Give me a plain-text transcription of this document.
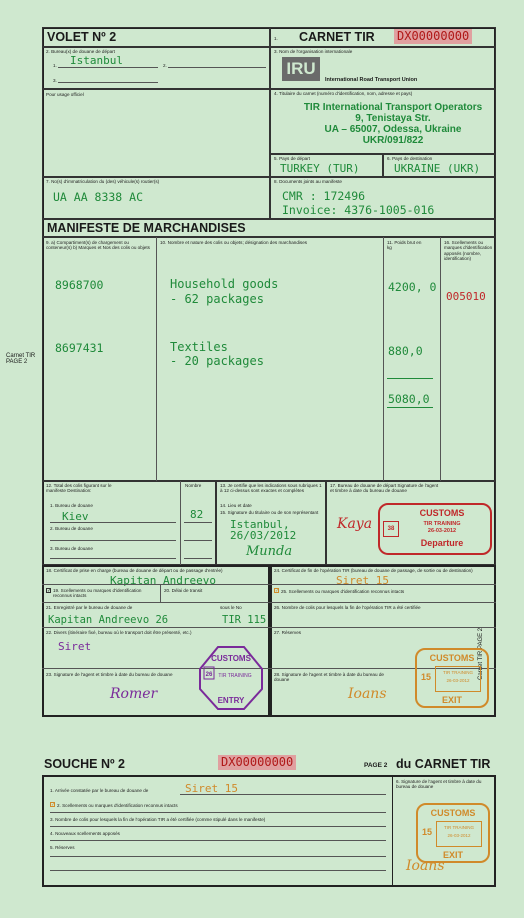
Carnet TIR
PAGE 2
Carnet TIR PAGE 2
VOLET Nº 2	1. CARNET TIR DX00000000
2. Bureau(x) de douane de départ
1.	2.
3.
Istanbul
3. Nom de l'organisation internationale
IRU
International Road Transport Union
Pour usage officiel	4. Titulaire du carnet (numéro d'identification, nom, adresse et pays)
TIR International Transport Operators
9, Tenistaya Str.
UA – 65007, Odessa, Ukraine
UKR/091/822
5. Pays de départ
TURKEY (TUR)
6. Pays de destination
UKRAINE (UKR)
7. No(s) d'immatriculation du (des) véhicule(s) routier(s)
UA AA 8338 AC
8. Documents joints au manifeste
CMR : 172496
Invoice: 4376-1005-016
MANIFESTE DE MARCHANDISES
9. a) Compartiment(s) de chargement ou conteneur(s) b) Marques et Nos des colis ou objets
10. Nombre et nature des colis ou objets; désignation des marchandises	11. Poids brut en kg
16. Scellements ou marques d'identification apposés (nombre, identification)
8968700	Household goods
- 62 packages
4200, 0
8697431	Textiles
- 20 packages
880,0
5080,0
005010
12. Total des colis figurant sur le manifeste Destination:
Nombre
1. Bureau de douane
Kiev	82
2. Bureau de douane
3. Bureau de douane
13. Je certifie que les indications sous rubriques 1 à 12 ci-dessus sont exactes et complètes
14. Lieu et date
15. Signature du titulaire ou de son représentant
Istanbul,
26/03/2012
Munda
17. Bureau de douane de départ Signature de l'agent et timbre à date du bureau de douane
Kaya	38
CUSTOMS
TIR TRAINING
26-03-2012
Departure
18. Certificat de prise en charge (bureau de douane de départ ou de passage d'entrée)
Kapitan Andreevo
✓ 19. Scellements ou marques d'identification reconnus intacts
20. Délai de transit
21. Enregistré par le bureau de douane de
Kapitan Andreevo 26
sous le No
TIR 115
22. Divers (itinéraire fixé, bureau où le transport doit être présenté, etc.)
Siret
23. Signature de l'agent et timbre à date du bureau de douane
Romer
CUSTOMS
26 TIR TRAINING
ENTRY
24. Certificat de fin de l'opération TIR (bureau de douane de passage, de sortie ou de destination)
Siret 15
✓ 25. Scellements ou marques d'identification reconnus intacts
26. Nombre de colis pour lesquels la fin de l'opération TIR a été certifiée
27. Réserves
28. Signature de l'agent et timbre à date du bureau de douane
Ioans
CUSTOMS
15	TIR TRAINING
26-03-2012
EXIT
SOUCHE Nº 2	DX00000000	PAGE 2 du CARNET TIR
1. Arrivée constatée par le bureau de douane de	Siret 15
✓ 2. Scellements ou marques d'identification reconnus intacts
3. Nombre de colis pour lesquels la fin de l'opération TIR a été certifiée (comme stipulé dans le manifeste)
4. Nouveaux scellements apposés
5. Réserves
6. Signature de l'agent et timbre à date du bureau de douane
Ioans
CUSTOMS
15	TIR TRAINING
26-03-2012
EXIT
